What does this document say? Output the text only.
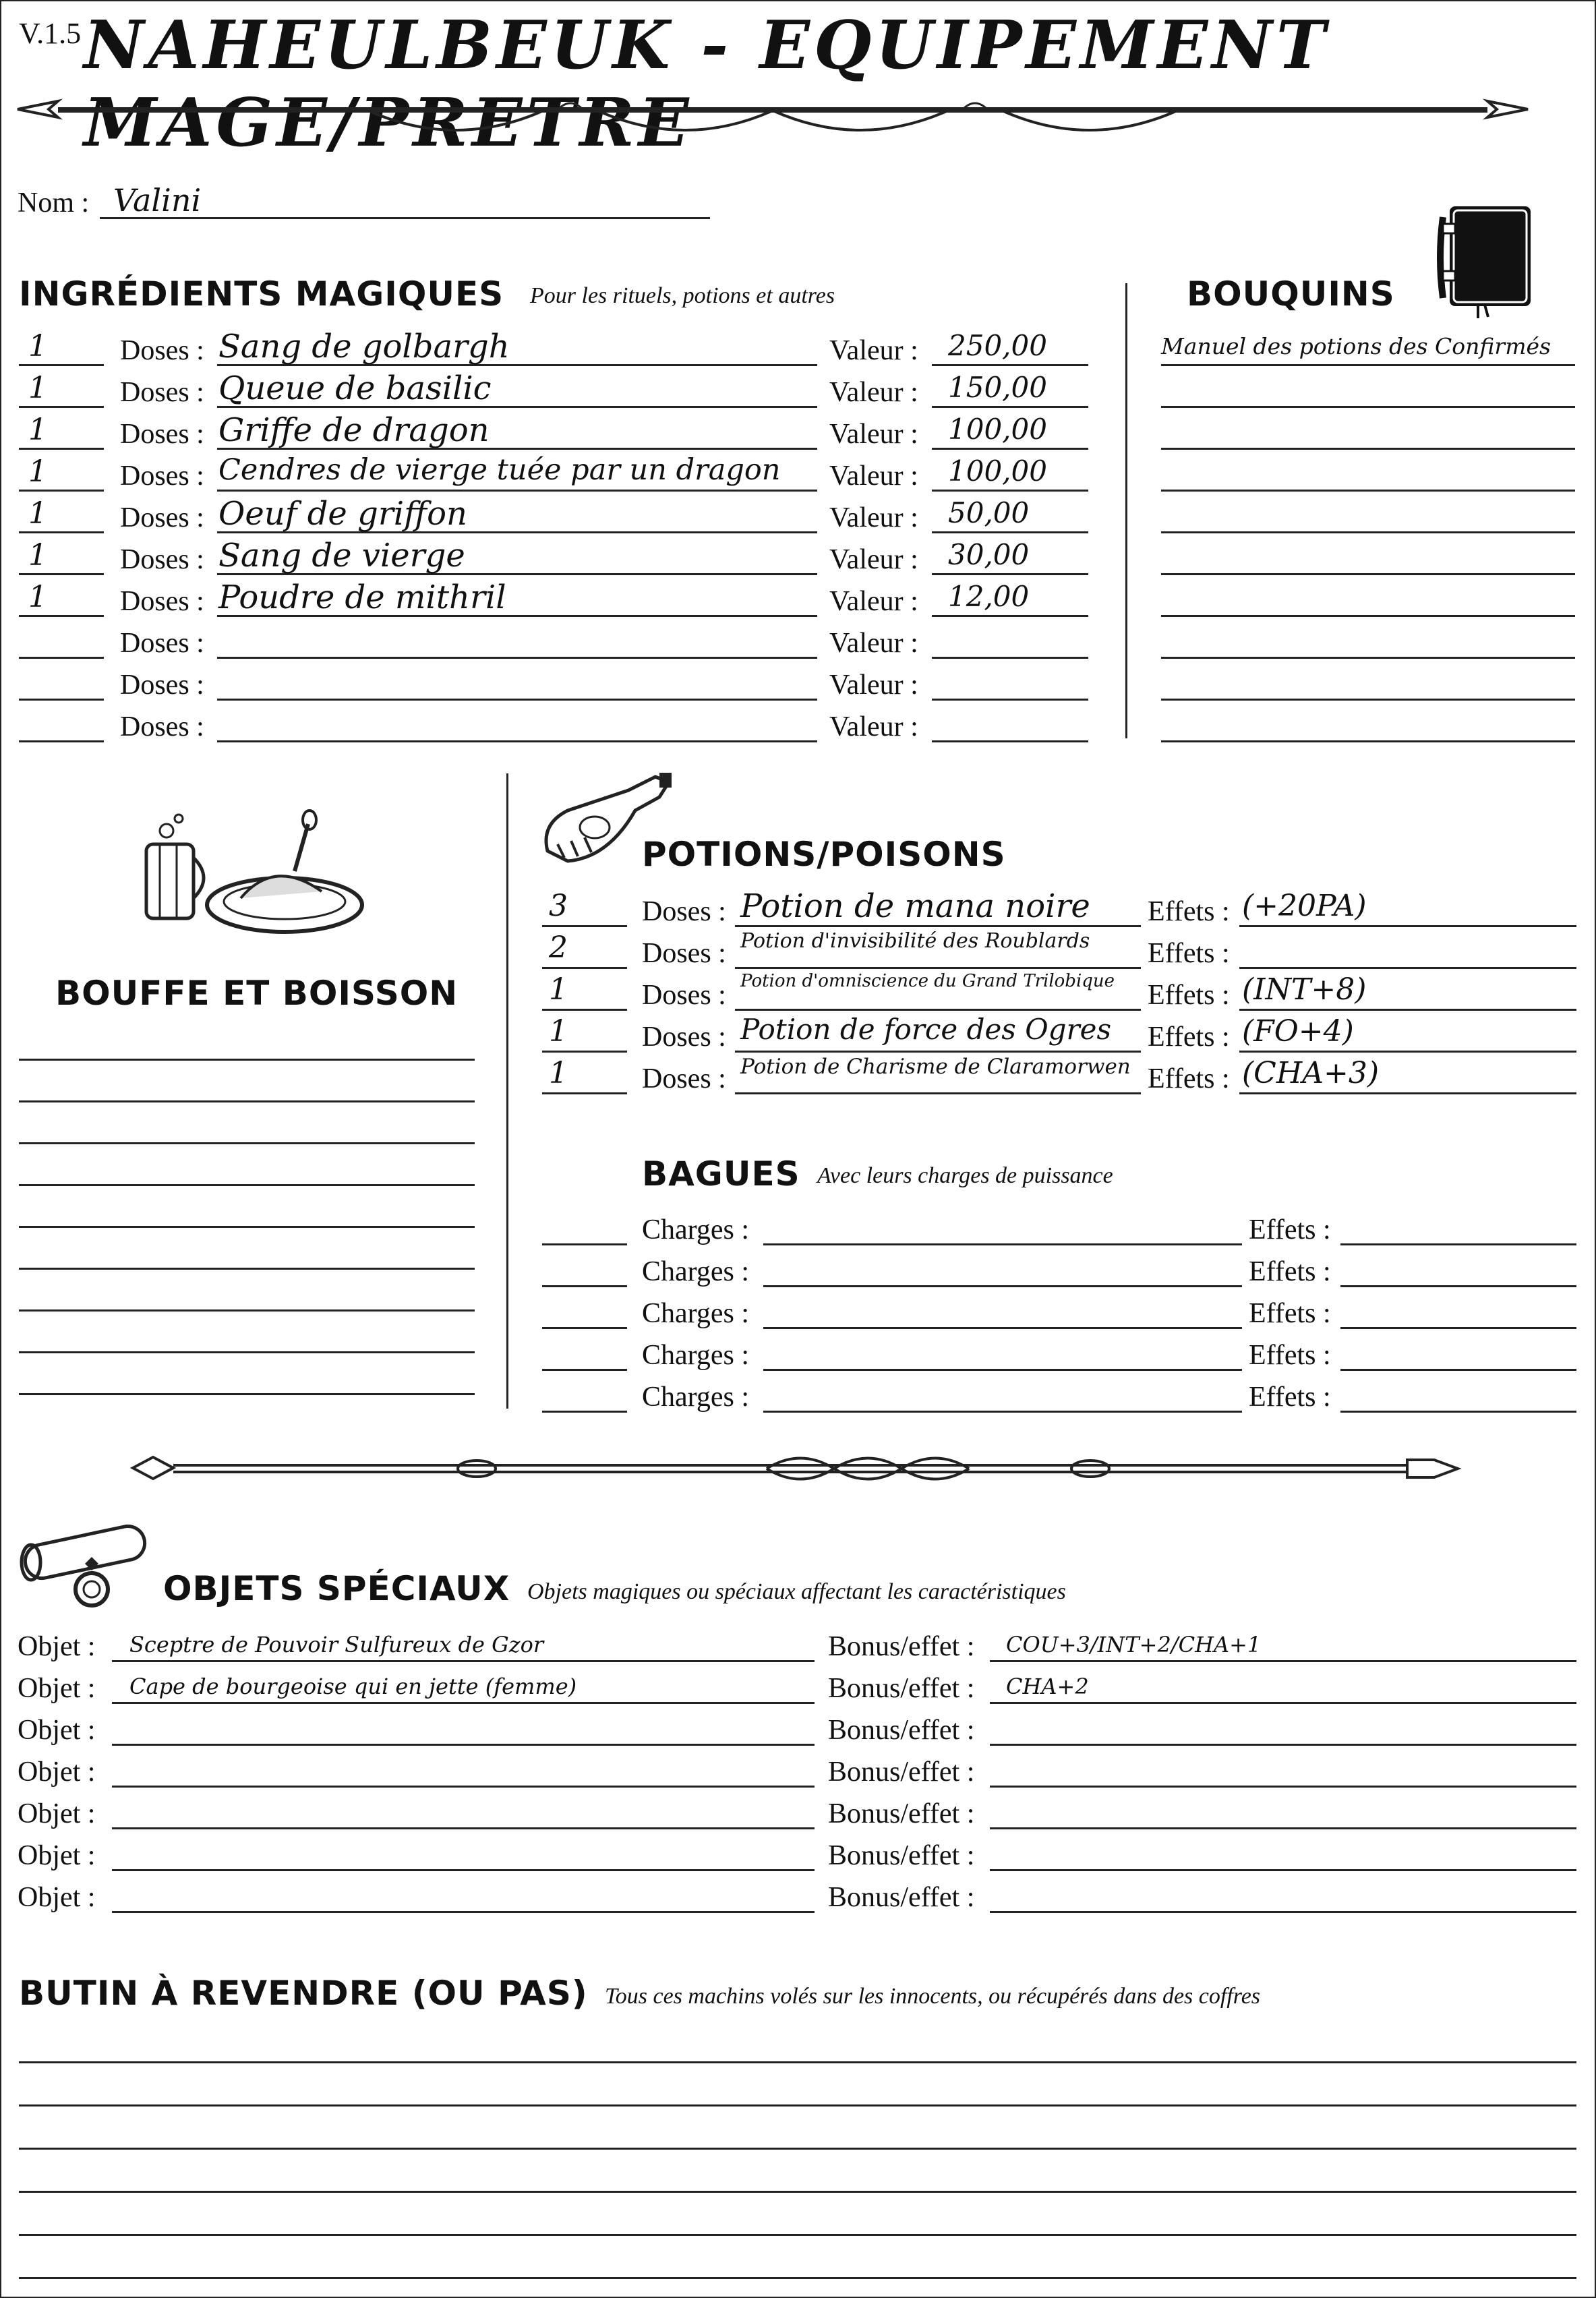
V.1.5 NAHEULBEUK - EQUIPEMENT MAGE/PRETRE
Nom : Valini
INGRÉDIENTS MAGIQUES Pour les rituels, potions et autres
1	Doses : Sang de golbargh	Valeur : 250,00
1	Doses : Queue de basilic	Valeur : 150,00
1	Doses : Griffe de dragon	Valeur : 100,00
1	Doses : Cendres de vierge tuée par un dragon Valeur : 100,00
1	Doses : Oeuf de griffon	Valeur : 50,00
1	Doses : Sang de vierge	Valeur : 30,00
1	Doses : Poudre de mithril	Valeur : 12,00
Doses :	Valeur :
Doses :	Valeur :
Doses :	Valeur :
BOUQUINS
Manuel des potions des Confirmés
BOUFFE ET BOISSON
POTIONS/POISONS
3	Doses : Potion de mana noire Effets : (+20PA)
2	Doses : Potion d'invisibilité des Roublards Effets :
1	Doses : Potion d'omniscience du Grand Trilobique Effets : (INT+8)
1	Doses : Potion de force des Ogres Effets : (FO+4)
1	Doses : Potion de Charisme de Claramorwen Effets : (CHA+3)
BAGUES Avec leurs charges de puissance
Charges :	Effets :
Charges :	Effets :
Charges :	Effets :
Charges :	Effets :
Charges :	Effets :
OBJETS SPÉCIAUX Objets magiques ou spéciaux affectant les caractéristiques
Objet : Sceptre de Pouvoir Sulfureux de Gzor	Bonus/effet : COU+3/INT+2/CHA+1
Objet : Cape de bourgeoise qui en jette (femme)	Bonus/effet : CHA+2
Objet :	Bonus/effet :
Objet :	Bonus/effet :
Objet :	Bonus/effet :
Objet :	Bonus/effet :
Objet :	Bonus/effet :
BUTIN À REVENDRE (OU PAS) Tous ces machins volés sur les innocents, ou récupérés dans des coffres
